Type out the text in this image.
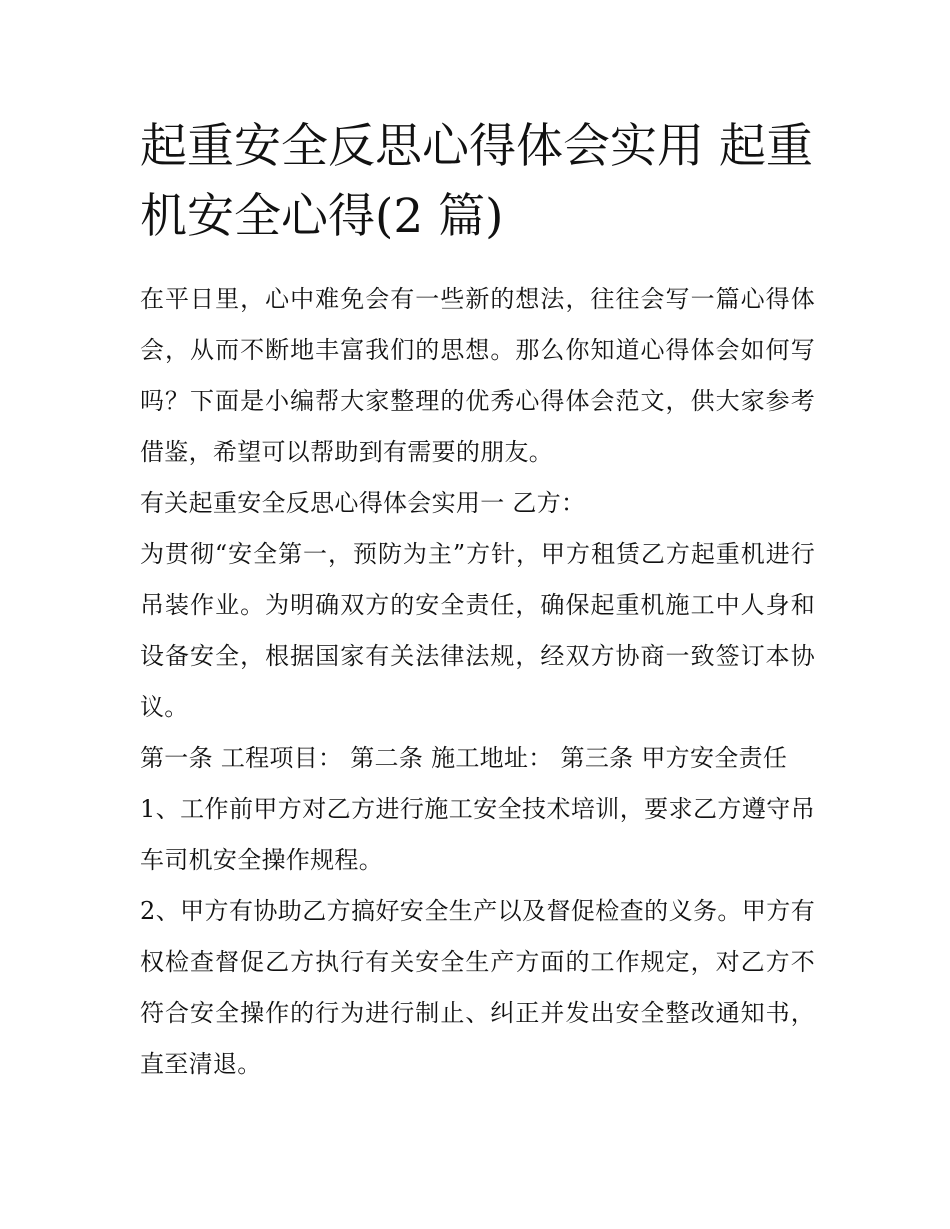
起重安全反思心得体会实用 起重机安全心得(2 篇)

在平日里，心中难免会有一些新的想法，往往会写一篇心得体会，从而不断地丰富我们的思想。那么你知道心得体会如何写吗？下面是小编帮大家整理的优秀心得体会范文，供大家参考借鉴，希望可以帮助到有需要的朋友。

有关起重安全反思心得体会实用一 乙方：

为贯彻“安全第一，预防为主”方针，甲方租赁乙方起重机进行吊装作业。为明确双方的安全责任，确保起重机施工中人身和设备安全，根据国家有关法律法规，经双方协商一致签订本协议。

第一条 工程项目： 第二条 施工地址： 第三条 甲方安全责任

1、工作前甲方对乙方进行施工安全技术培训，要求乙方遵守吊车司机安全操作规程。

2、甲方有协助乙方搞好安全生产以及督促检查的义务。甲方有权检查督促乙方执行有关安全生产方面的工作规定，对乙方不符合安全操作的行为进行制止、纠正并发出安全整改通知书，直至清退。
